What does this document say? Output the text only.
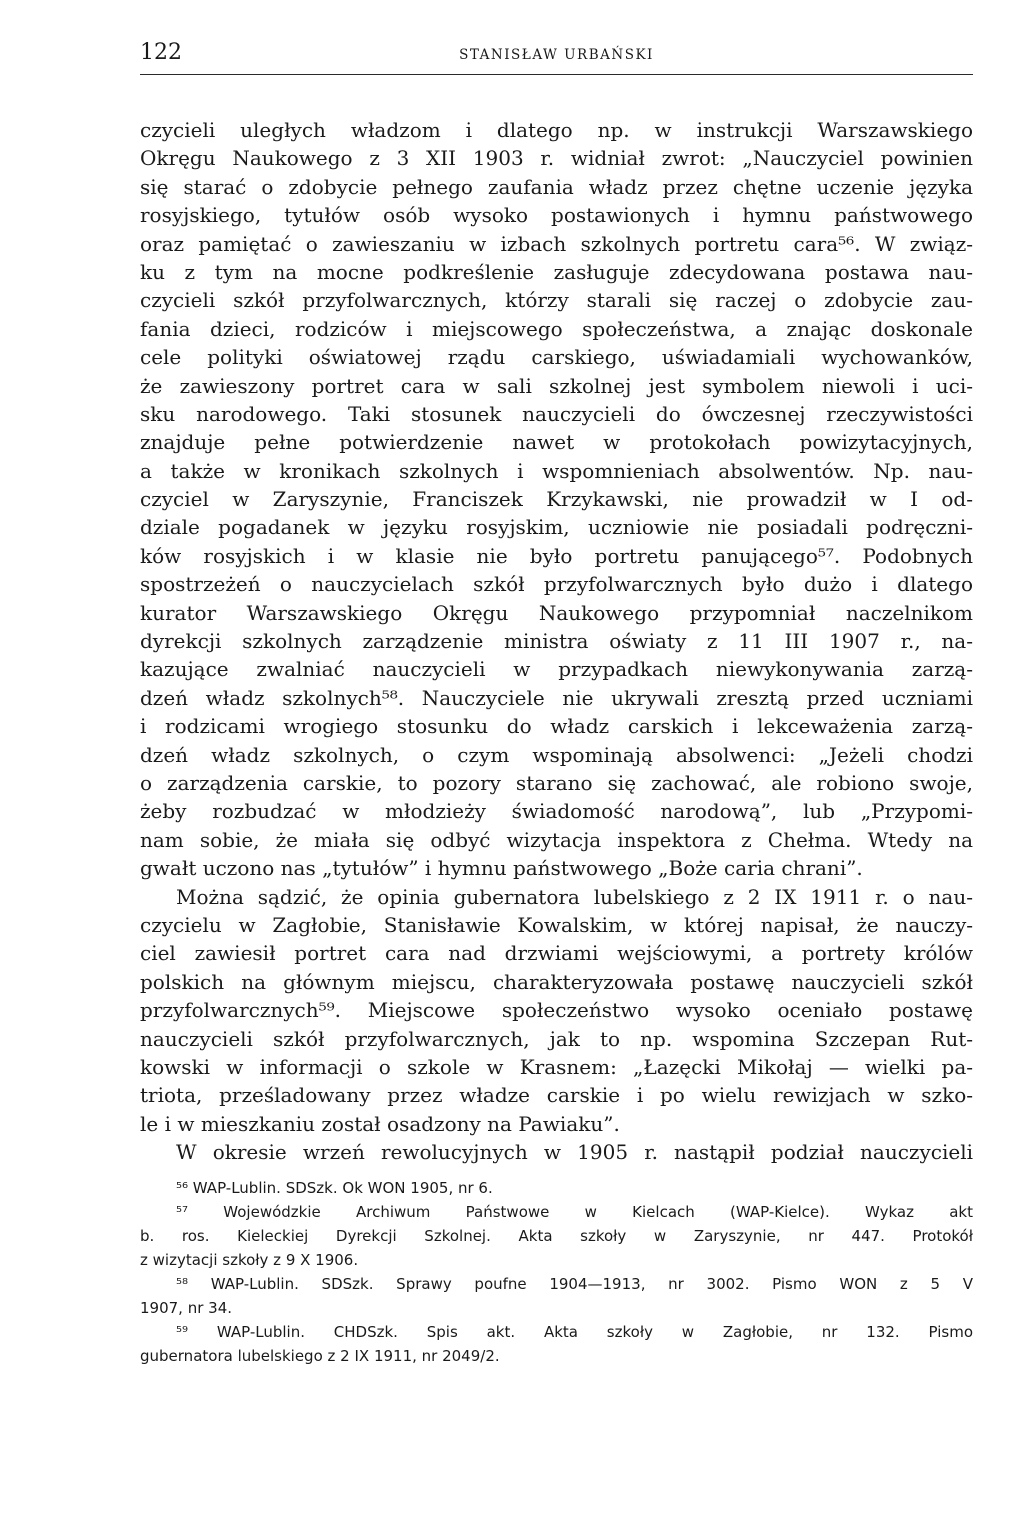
122	STANISŁAW URBAŃSKI
czycieli uległych władzom i dlatego np. w instrukcji Warszawskiego
Okręgu Naukowego z 3 XII 1903 r. widniał zwrot: „Nauczyciel powinien
się starać o zdobycie pełnego zaufania władz przez chętne uczenie języka
rosyjskiego, tytułów osób wysoko postawionych i hymnu państwowego
oraz pamiętać o zawieszaniu w izbach szkolnych portretu cara⁵⁶. W związ-
ku z tym na mocne podkreślenie zasługuje zdecydowana postawa nau-
czycieli szkół przyfolwarcznych, którzy starali się raczej o zdobycie zau-
fania dzieci, rodziców i miejscowego społeczeństwa, a znając doskonale
cele polityki oświatowej rządu carskiego, uświadamiali wychowanków,
że zawieszony portret cara w sali szkolnej jest symbolem niewoli i uci-
sku narodowego. Taki stosunek nauczycieli do ówczesnej rzeczywistości
znajduje pełne potwierdzenie nawet w protokołach powizytacyjnych,
a także w kronikach szkolnych i wspomnieniach absolwentów. Np. nau-
czyciel w Zaryszynie, Franciszek Krzykawski, nie prowadził w I od-
dziale pogadanek w języku rosyjskim, uczniowie nie posiadali podręczni-
ków rosyjskich i w klasie nie było portretu panującego⁵⁷. Podobnych
spostrzeżeń o nauczycielach szkół przyfolwarcznych było dużo i dlatego
kurator Warszawskiego Okręgu Naukowego przypomniał naczelnikom
dyrekcji szkolnych zarządzenie ministra oświaty z 11 III 1907 r., na-
kazujące zwalniać nauczycieli w przypadkach niewykonywania zarzą-
dzeń władz szkolnych⁵⁸. Nauczyciele nie ukrywali zresztą przed uczniami
i rodzicami wrogiego stosunku do władz carskich i lekceważenia zarzą-
dzeń władz szkolnych, o czym wspominają absolwenci: „Jeżeli chodzi
o zarządzenia carskie, to pozory starano się zachować, ale robiono swoje,
żeby rozbudzać w młodzieży świadomość narodową”, lub „Przypomi-
nam sobie, że miała się odbyć wizytacja inspektora z Chełma. Wtedy na
gwałt uczono nas „tytułów” i hymnu państwowego „Boże caria chrani”.
Można sądzić, że opinia gubernatora lubelskiego z 2 IX 1911 r. o nau-
czycielu w Zagłobie, Stanisławie Kowalskim, w której napisał, że nauczy-
ciel zawiesił portret cara nad drzwiami wejściowymi, a portrety królów
polskich na głównym miejscu, charakteryzowała postawę nauczycieli szkół
przyfolwarcznych⁵⁹. Miejscowe społeczeństwo wysoko oceniało postawę
nauczycieli szkół przyfolwarcznych, jak to np. wspomina Szczepan Rut-
kowski w informacji o szkole w Krasnem: „Łazęcki Mikołaj — wielki pa-
triota, prześladowany przez władze carskie i po wielu rewizjach w szko-
le i w mieszkaniu został osadzony na Pawiaku”.
W okresie wrzeń rewolucyjnych w 1905 r. nastąpił podział nauczycieli
⁵⁶ WAP-Lublin. SDSzk. Ok WON 1905, nr 6.
⁵⁷ Wojewódzkie Archiwum Państwowe w Kielcach (WAP-Kielce). Wykaz akt
b. ros. Kieleckiej Dyrekcji Szkolnej. Akta szkoły w Zaryszynie, nr 447. Protokół
z wizytacji szkoły z 9 X 1906.
⁵⁸ WAP-Lublin. SDSzk. Sprawy poufne 1904—1913, nr 3002. Pismo WON z 5 V
1907, nr 34.
⁵⁹ WAP-Lublin. CHDSzk. Spis akt. Akta szkoły w Zagłobie, nr 132. Pismo
gubernatora lubelskiego z 2 IX 1911, nr 2049/2.
